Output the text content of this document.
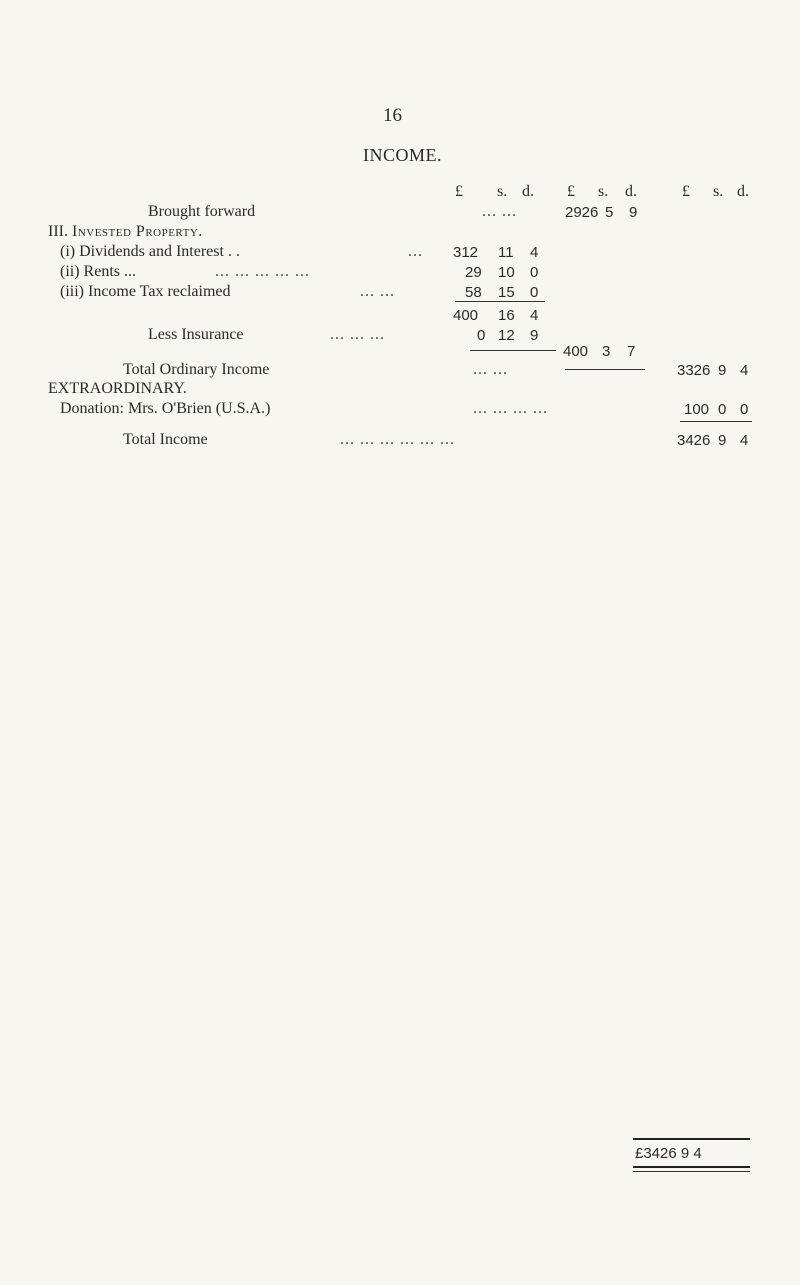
16
INCOME.
£ s. d. £ s. d.	£ s. d.
Brought forward	... ...	2926 5 9
III. Invested Property.
(i) Dividends and Interest . .	... 312 11 4
(ii) Rents ...	... ... ... ... ...	29 10 0
(iii) Income Tax reclaimed	... ...	58 15 0
400 16 4
Less Insurance	... ... ...	0 12 9
400 3 7
Total Ordinary Income	... ...	3326 9 4
EXTRAORDINARY.
Donation: Mrs. O'Brien (U.S.A.)	... ... ... ...	100 0 0
Total Income	... ... ... ... ... ...	3426 9 4
£3426 9 4
